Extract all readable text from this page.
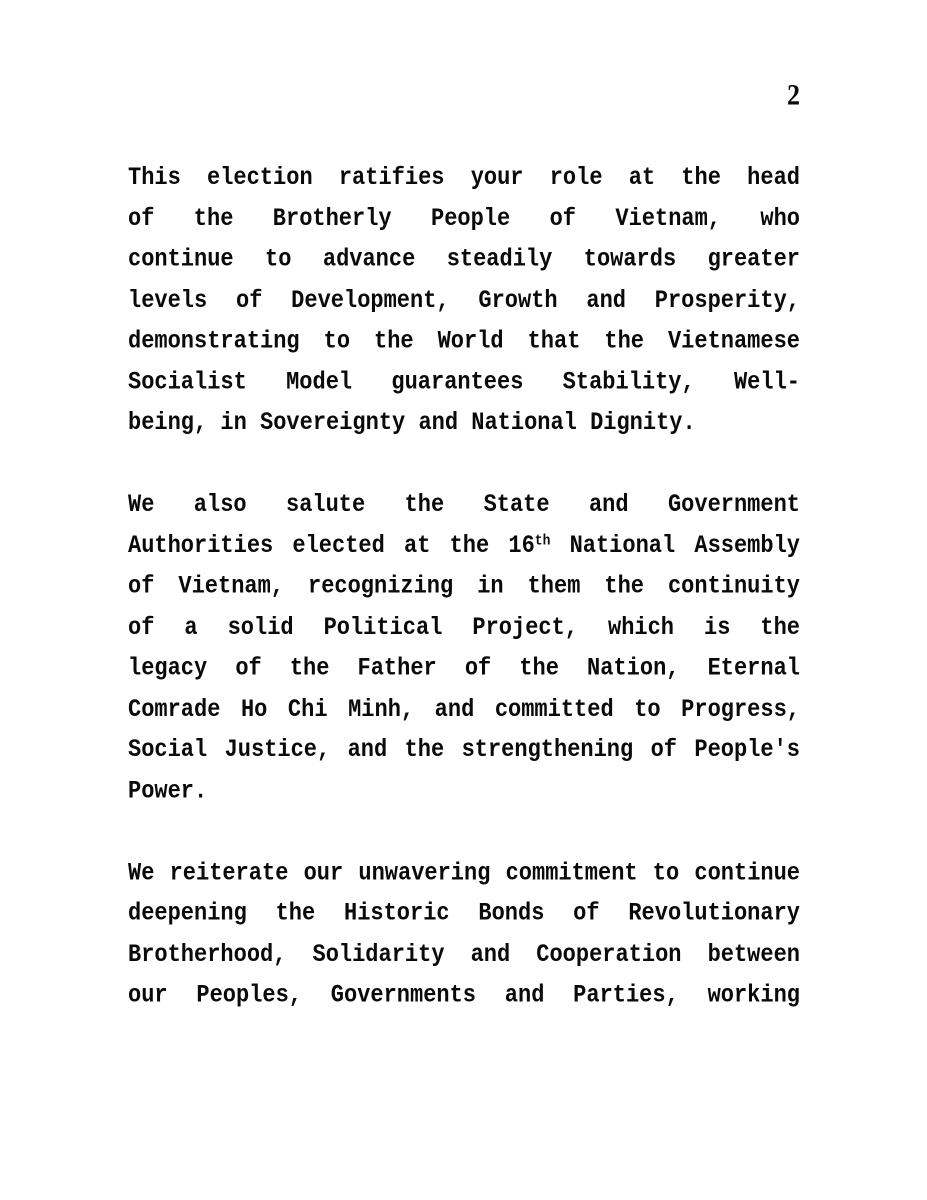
2
This election ratifies your role at the head
of the Brotherly People of Vietnam, who
continue to advance steadily towards greater
levels of Development, Growth and Prosperity,
demonstrating to the World that the Vietnamese
Socialist Model guarantees Stability, Well-
being, in Sovereignty and National Dignity.
We also salute the State and Government
Authorities elected at the 16th National Assembly
of Vietnam, recognizing in them the continuity
of a solid Political Project, which is the
legacy of the Father of the Nation, Eternal
Comrade Ho Chi Minh, and committed to Progress,
Social Justice, and the strengthening of People's
Power.
We reiterate our unwavering commitment to continue
deepening the Historic Bonds of Revolutionary
Brotherhood, Solidarity and Cooperation between
our Peoples, Governments and Parties, working
